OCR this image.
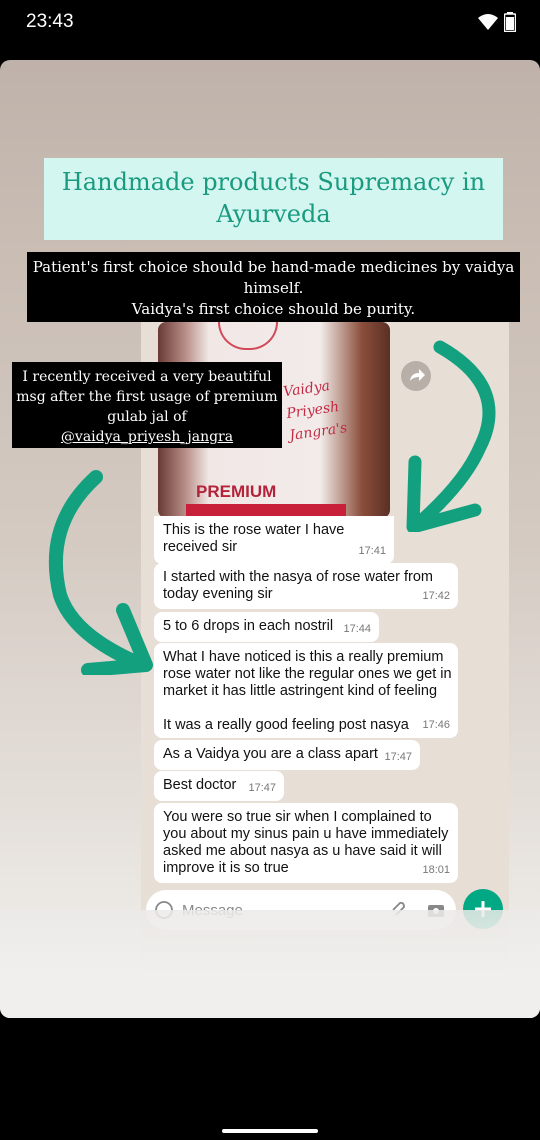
23:43
Handmade products Supremacy in Ayurveda
Vaidya Priyesh Jangra's
PREMIUM
Patient's first choice should be hand-made medicines by vaidya himself.
Vaidya's first choice should be purity.
I recently received a very beautiful msg after the first usage of premium gulab jal of
@vaidya_priyesh_jangra
This is the rose water I have received sir	17:41
I started with the nasya of rose water from today evening sir	17:42
5 to 6 drops in each nostril 17:44
What I have noticed is this a really premium rose water not like the regular ones we get in market it has little astringent kind of feeling
It was a really good feeling post nasya	17:46
As a Vaidya you are a class apart 17:47
Best doctor	17:47
You were so true sir when I complained to you about my sinus pain u have immediately asked me about nasya as u have said it will improve it is so true	18:01
